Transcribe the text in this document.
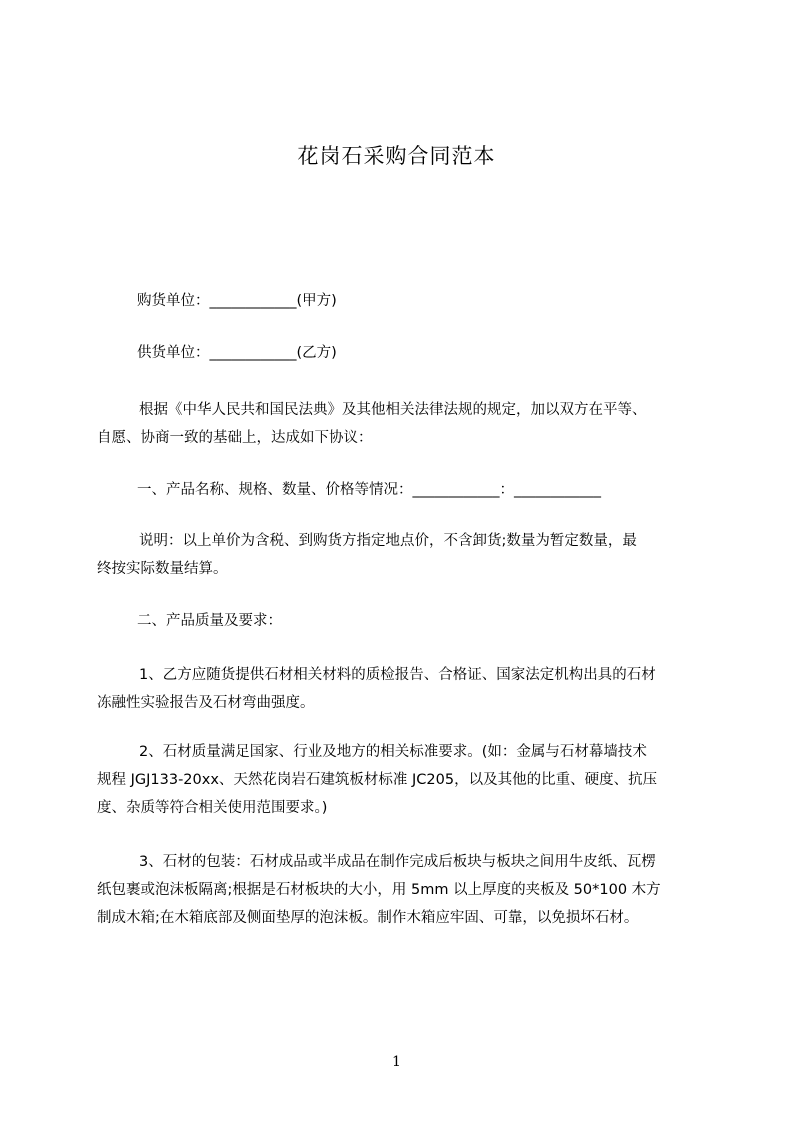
花岗石采购合同范本

购货单位：____________(甲方)

供货单位：____________(乙方)

根据《中华人民共和国民法典》及其他相关法律法规的规定，加以双方在平等、
自愿、协商一致的基础上，达成如下协议：

一、产品名称、规格、数量、价格等情况：____________：____________

说明：以上单价为含税、到购货方指定地点价，不含卸货;数量为暂定数量，最
终按实际数量结算。

二、产品质量及要求：

1、乙方应随货提供石材相关材料的质检报告、合格证、国家法定机构出具的石材
冻融性实验报告及石材弯曲强度。

2、石材质量满足国家、行业及地方的相关标准要求。(如：金属与石材幕墙技术
规程 JGJ133-20xx、天然花岗岩石建筑板材标准 JC205，以及其他的比重、硬度、抗压
度、杂质等符合相关使用范围要求。)

3、石材的包装：石材成品或半成品在制作完成后板块与板块之间用牛皮纸、瓦楞
纸包裹或泡沫板隔离;根据是石材板块的大小，用 5mm 以上厚度的夹板及 50*100 木方
制成木箱;在木箱底部及侧面垫厚的泡沫板。制作木箱应牢固、可靠，以免损坏石材。

1
